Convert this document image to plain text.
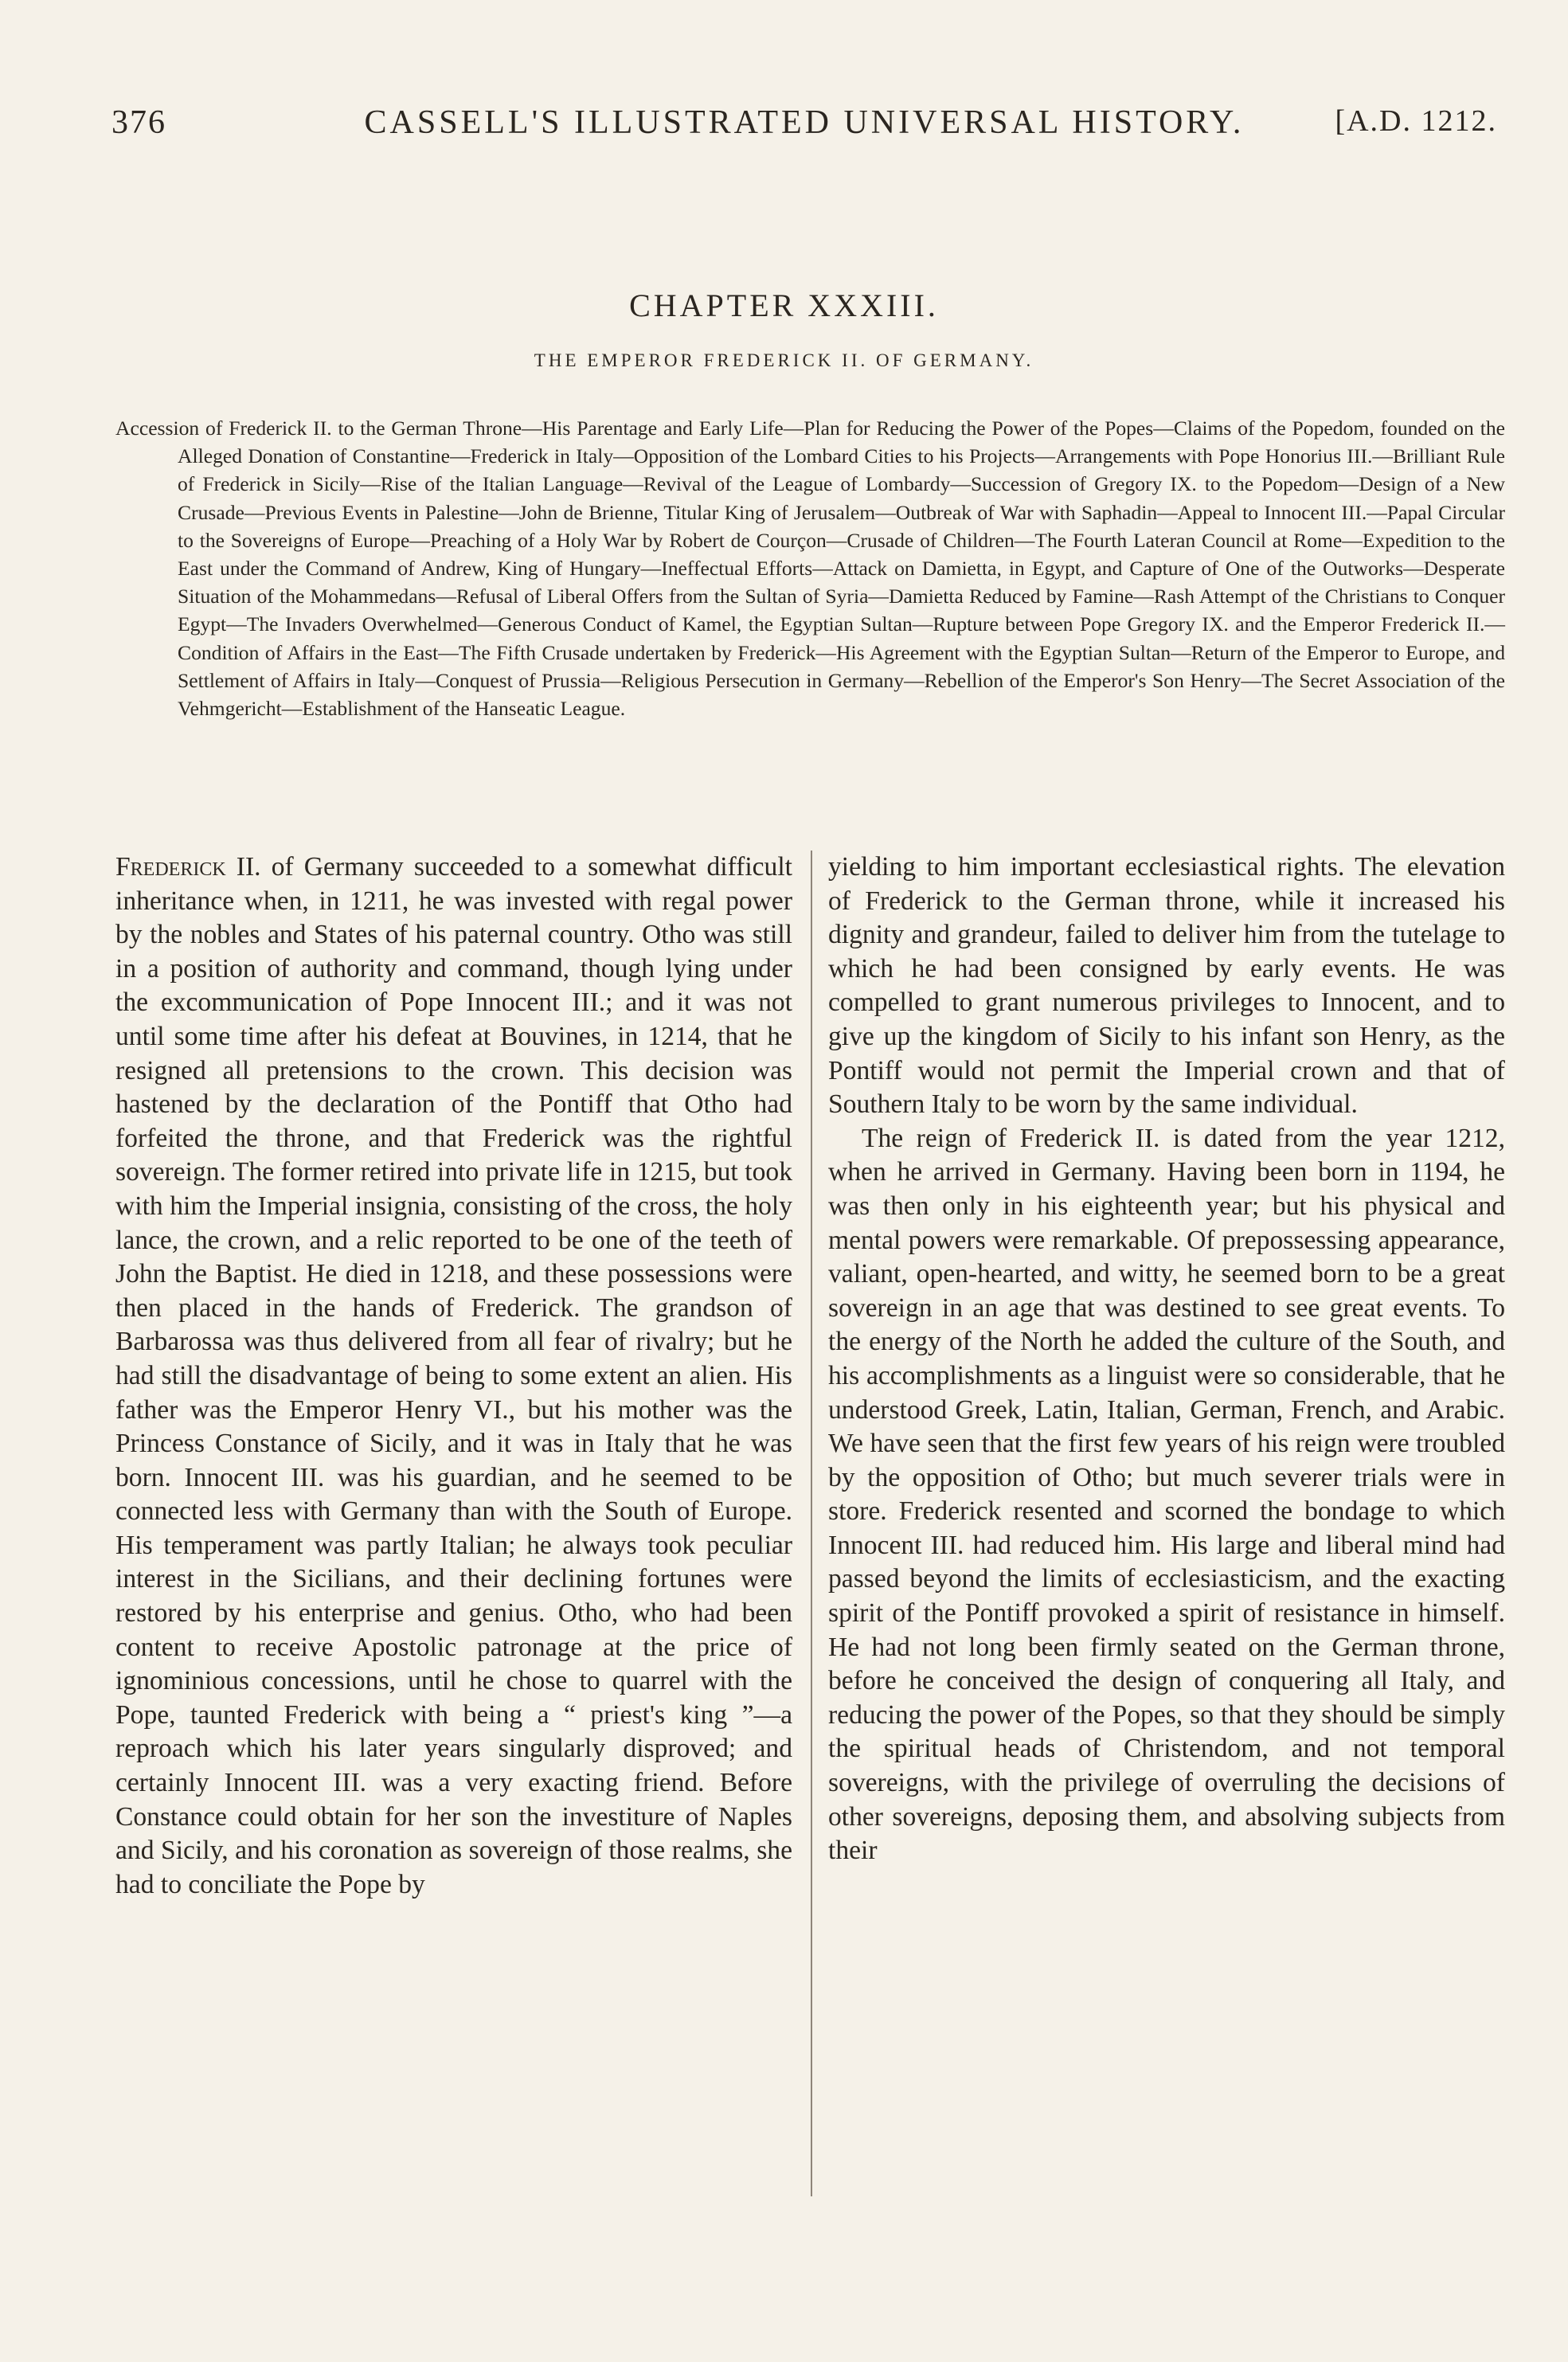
376	CASSELL'S ILLUSTRATED UNIVERSAL HISTORY.	[A.D. 1212.
CHAPTER XXXIII.
THE EMPEROR FREDERICK II. OF GERMANY.

Accession of Frederick II. to the German Throne—His Parentage and Early Life—Plan for Reducing the Power of the Popes—Claims of the Popedom, founded on the Alleged Donation of Constantine—Frederick in Italy—Opposition of the Lombard Cities to his Projects—Arrangements with Pope Honorius III.—Brilliant Rule of Frederick in Sicily—Rise of the Italian Language—Revival of the League of Lombardy—Succession of Gregory IX. to the Popedom—Design of a New Crusade—Previous Events in Palestine—John de Brienne, Titular King of Jerusalem—Outbreak of War with Saphadin—Appeal to Innocent III.—Papal Circular to the Sovereigns of Europe—Preaching of a Holy War by Robert de Courçon—Crusade of Children—The Fourth Lateran Council at Rome—Expedition to the East under the Command of Andrew, King of Hungary—Ineffectual Efforts—Attack on Damietta, in Egypt, and Capture of One of the Outworks—Desperate Situation of the Mohammedans—Refusal of Liberal Offers from the Sultan of Syria—Damietta Reduced by Famine—Rash Attempt of the Christians to Conquer Egypt—The Invaders Overwhelmed—Generous Conduct of Kamel, the Egyptian Sultan—Rupture between Pope Gregory IX. and the Emperor Frederick II.—Condition of Affairs in the East—The Fifth Crusade undertaken by Frederick—His Agreement with the Egyptian Sultan—Return of the Emperor to Europe, and Settlement of Affairs in Italy—Conquest of Prussia—Religious Persecution in Germany—Rebellion of the Emperor's Son Henry—The Secret Association of the Vehmgericht—Establishment of the Hanseatic League.

Frederick II. of Germany succeeded to a somewhat difficult inheritance when, in 1211, he was invested with regal power by the nobles and States of his paternal country. Otho was still in a position of authority and command, though lying under the excommunication of Pope Innocent III.; and it was not until some time after his defeat at Bouvines, in 1214, that he resigned all pretensions to the crown. This decision was hastened by the declaration of the Pontiff that Otho had forfeited the throne, and that Frederick was the rightful sovereign. The former retired into private life in 1215, but took with him the Imperial insignia, consisting of the cross, the holy lance, the crown, and a relic reported to be one of the teeth of John the Baptist. He died in 1218, and these possessions were then placed in the hands of Frederick. The grandson of Barbarossa was thus delivered from all fear of rivalry; but he had still the disadvantage of being to some extent an alien. His father was the Emperor Henry VI., but his mother was the Princess Constance of Sicily, and it was in Italy that he was born. Innocent III. was his guardian, and he seemed to be connected less with Germany than with the South of Europe. His temperament was partly Italian; he always took peculiar interest in the Sicilians, and their declining fortunes were restored by his enterprise and genius. Otho, who had been content to receive Apostolic patronage at the price of ignominious concessions, until he chose to quarrel with the Pope, taunted Frederick with being a “ priest's king ”—a reproach which his later years singularly disproved; and certainly Innocent III. was a very exacting friend. Before Constance could obtain for her son the investiture of Naples and Sicily, and his coronation as sovereign of those realms, she had to conciliate the Pope by

yielding to him important ecclesiastical rights. The elevation of Frederick to the German throne, while it increased his dignity and grandeur, failed to deliver him from the tutelage to which he had been consigned by early events. He was compelled to grant numerous privileges to Innocent, and to give up the kingdom of Sicily to his infant son Henry, as the Pontiff would not permit the Imperial crown and that of Southern Italy to be worn by the same individual.

The reign of Frederick II. is dated from the year 1212, when he arrived in Germany. Having been born in 1194, he was then only in his eighteenth year; but his physical and mental powers were remarkable. Of prepossessing appearance, valiant, open-hearted, and witty, he seemed born to be a great sovereign in an age that was destined to see great events. To the energy of the North he added the culture of the South, and his accomplishments as a linguist were so considerable, that he understood Greek, Latin, Italian, German, French, and Arabic. We have seen that the first few years of his reign were troubled by the opposition of Otho; but much severer trials were in store. Frederick resented and scorned the bondage to which Innocent III. had reduced him. His large and liberal mind had passed beyond the limits of ecclesiasticism, and the exacting spirit of the Pontiff provoked a spirit of resistance in himself. He had not long been firmly seated on the German throne, before he conceived the design of conquering all Italy, and reducing the power of the Popes, so that they should be simply the spiritual heads of Christendom, and not temporal sovereigns, with the privilege of overruling the decisions of other sovereigns, deposing them, and absolving subjects from their
